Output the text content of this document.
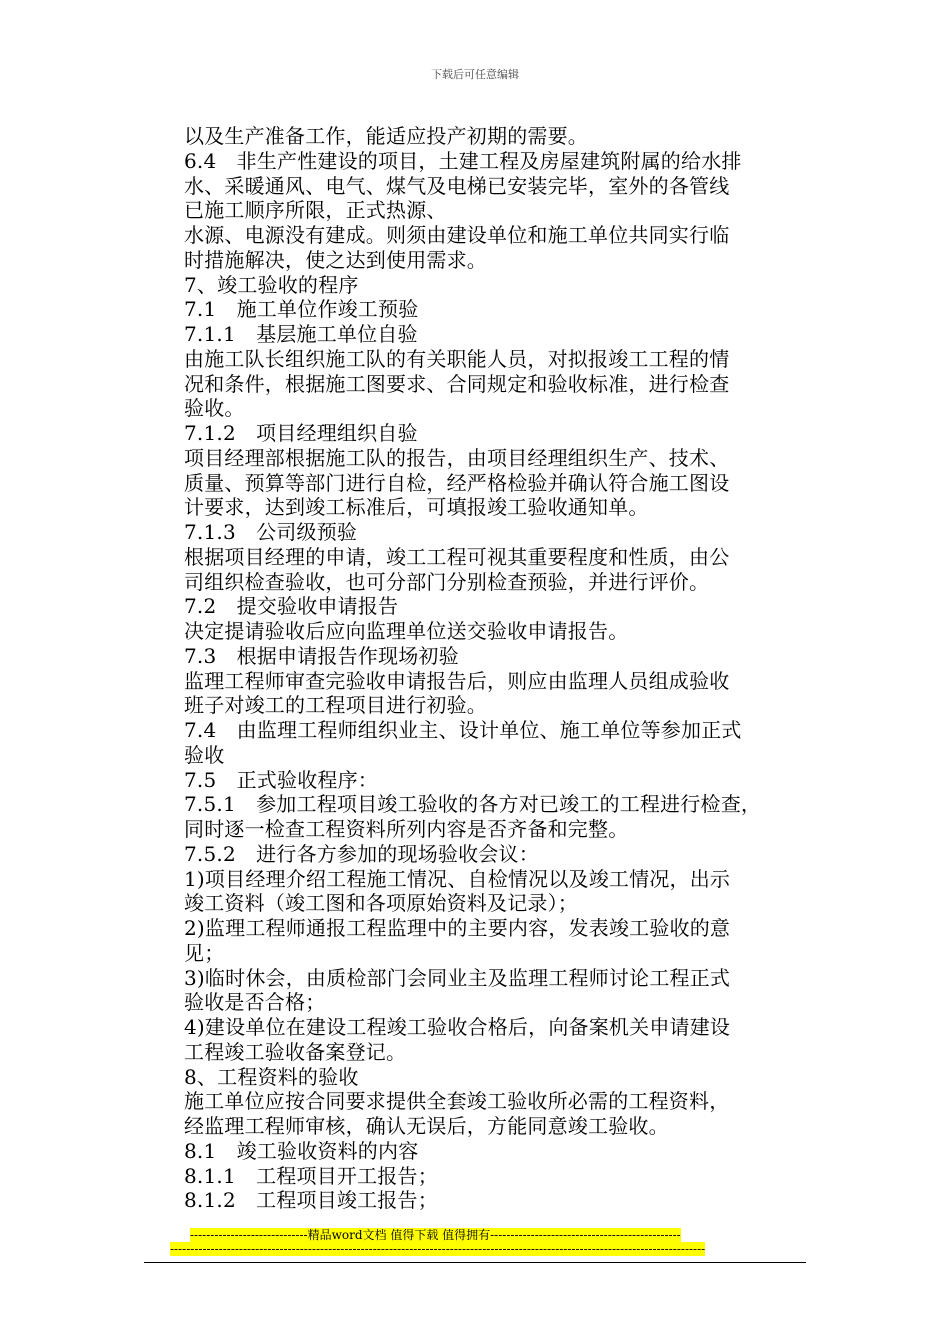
下载后可任意编辑
以及生产准备工作，能适应投产初期的需要。
6.4　非生产性建设的项目，土建工程及房屋建筑附属的给水排
水、采暖通风、电气、煤气及电梯已安装完毕，室外的各管线
已施工顺序所限，正式热源、
水源、电源没有建成。则须由建设单位和施工单位共同实行临
时措施解决，使之达到使用需求。
7、竣工验收的程序
7.1　施工单位作竣工预验
7.1.1　基层施工单位自验
由施工队长组织施工队的有关职能人员，对拟报竣工工程的情
况和条件，根据施工图要求、合同规定和验收标准，进行检查
验收。
7.1.2　项目经理组织自验
项目经理部根据施工队的报告，由项目经理组织生产、技术、
质量、预算等部门进行自检，经严格检验并确认符合施工图设
计要求，达到竣工标准后，可填报竣工验收通知单。
7.1.3　公司级预验
根据项目经理的申请，竣工工程可视其重要程度和性质，由公
司组织检查验收，也可分部门分别检查预验，并进行评价。
7.2　提交验收申请报告
决定提请验收后应向监理单位送交验收申请报告。
7.3　根据申请报告作现场初验
监理工程师审查完验收申请报告后，则应由监理人员组成验收
班子对竣工的工程项目进行初验。
7.4　由监理工程师组织业主、设计单位、施工单位等参加正式
验收
7.5　正式验收程序：
7.5.1　参加工程项目竣工验收的各方对已竣工的工程进行检查，
同时逐一检查工程资料所列内容是否齐备和完整。
7.5.2　进行各方参加的现场验收会议：
1)项目经理介绍工程施工情况、自检情况以及竣工情况，出示
竣工资料（竣工图和各项原始资料及记录）；
2)监理工程师通报工程监理中的主要内容，发表竣工验收的意
见；
3)临时休会，由质检部门会同业主及监理工程师讨论工程正式
验收是否合格；
4)建设单位在建设工程竣工验收合格后，向备案机关申请建设
工程竣工验收备案登记。
8、工程资料的验收
施工单位应按合同要求提供全套竣工验收所必需的工程资料，
经监理工程师审核，确认无误后，方能同意竣工验收。
8.1　竣工验收资料的内容
8.1.1　工程项目开工报告；
8.1.2　工程项目竣工报告；
-----------------------------精品word文档 值得下载 值得拥有-----------------------------------------------
------------------------------------------------------------------------------------------------------------------------------------
